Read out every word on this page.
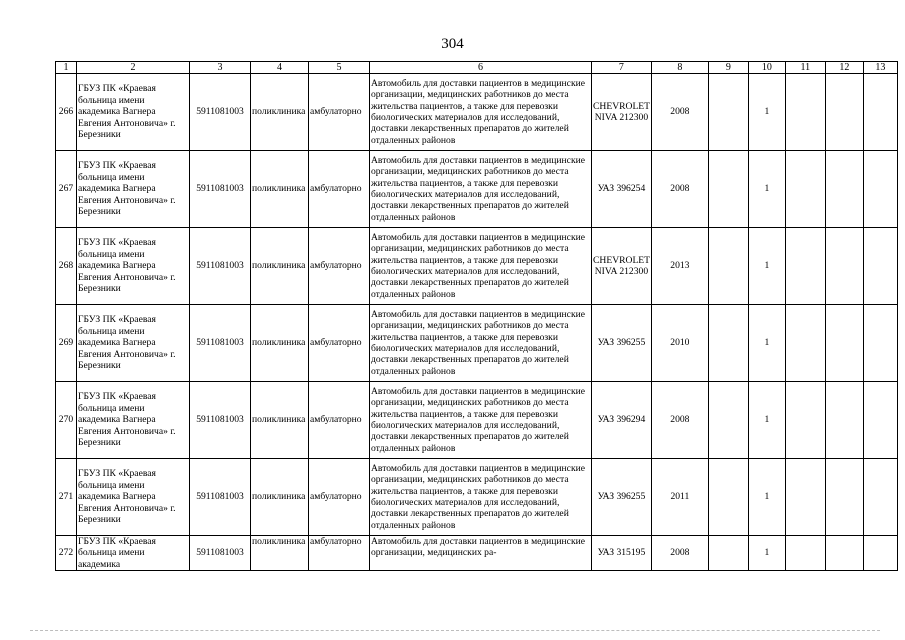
304
1	2	3	4	5	6	7	8	9	10	11	12	13
266	ГБУЗ ПК «Краевая больница имени академика Вагнера Евгения Антоновича» г. Березники	5911081003	поликлиника	амбулаторно	Автомобиль для доставки пациентов в медицинские организации, медицинских работников до места жительства пациентов, а также для перевозки биологических материалов для исследований, доставки лекарственных препаратов до жителей отдаленных районов	CHEVROLET NIVA 212300	2008		1			
267	ГБУЗ ПК «Краевая больница имени академика Вагнера Евгения Антоновича» г. Березники	5911081003	поликлиника	амбулаторно	Автомобиль для доставки пациентов в медицинские организации, медицинских работников до места жительства пациентов, а также для перевозки биологических материалов для исследований, доставки лекарственных препаратов до жителей отдаленных районов	УАЗ 396254	2008		1			
268	ГБУЗ ПК «Краевая больница имени академика Вагнера Евгения Антоновича» г. Березники	5911081003	поликлиника	амбулаторно	Автомобиль для доставки пациентов в медицинские организации, медицинских работников до места жительства пациентов, а также для перевозки биологических материалов для исследований, доставки лекарственных препаратов до жителей отдаленных районов	CHEVROLET NIVA 212300	2013		1			
269	ГБУЗ ПК «Краевая больница имени академика Вагнера Евгения Антоновича» г. Березники	5911081003	поликлиника	амбулаторно	Автомобиль для доставки пациентов в медицинские организации, медицинских работников до места жительства пациентов, а также для перевозки биологических материалов для исследований, доставки лекарственных препаратов до жителей отдаленных районов	УАЗ 396255	2010		1			
270	ГБУЗ ПК «Краевая больница имени академика Вагнера Евгения Антоновича» г. Березники	5911081003	поликлиника	амбулаторно	Автомобиль для доставки пациентов в медицинские организации, медицинских работников до места жительства пациентов, а также для перевозки биологических материалов для исследований, доставки лекарственных препаратов до жителей отдаленных районов	УАЗ 396294	2008		1			
271	ГБУЗ ПК «Краевая больница имени академика Вагнера Евгения Антоновича» г. Березники	5911081003	поликлиника	амбулаторно	Автомобиль для доставки пациентов в медицинские организации, медицинских работников до места жительства пациентов, а также для перевозки биологических материалов для исследований, доставки лекарственных препаратов до жителей отдаленных районов	УАЗ 396255	2011		1			
272	ГБУЗ ПК «Краевая больница имени академика	5911081003	поликлиника	амбулаторно	Автомобиль для доставки пациентов в медицинские организации, медицинских ра-	УАЗ 315195	2008		1			
